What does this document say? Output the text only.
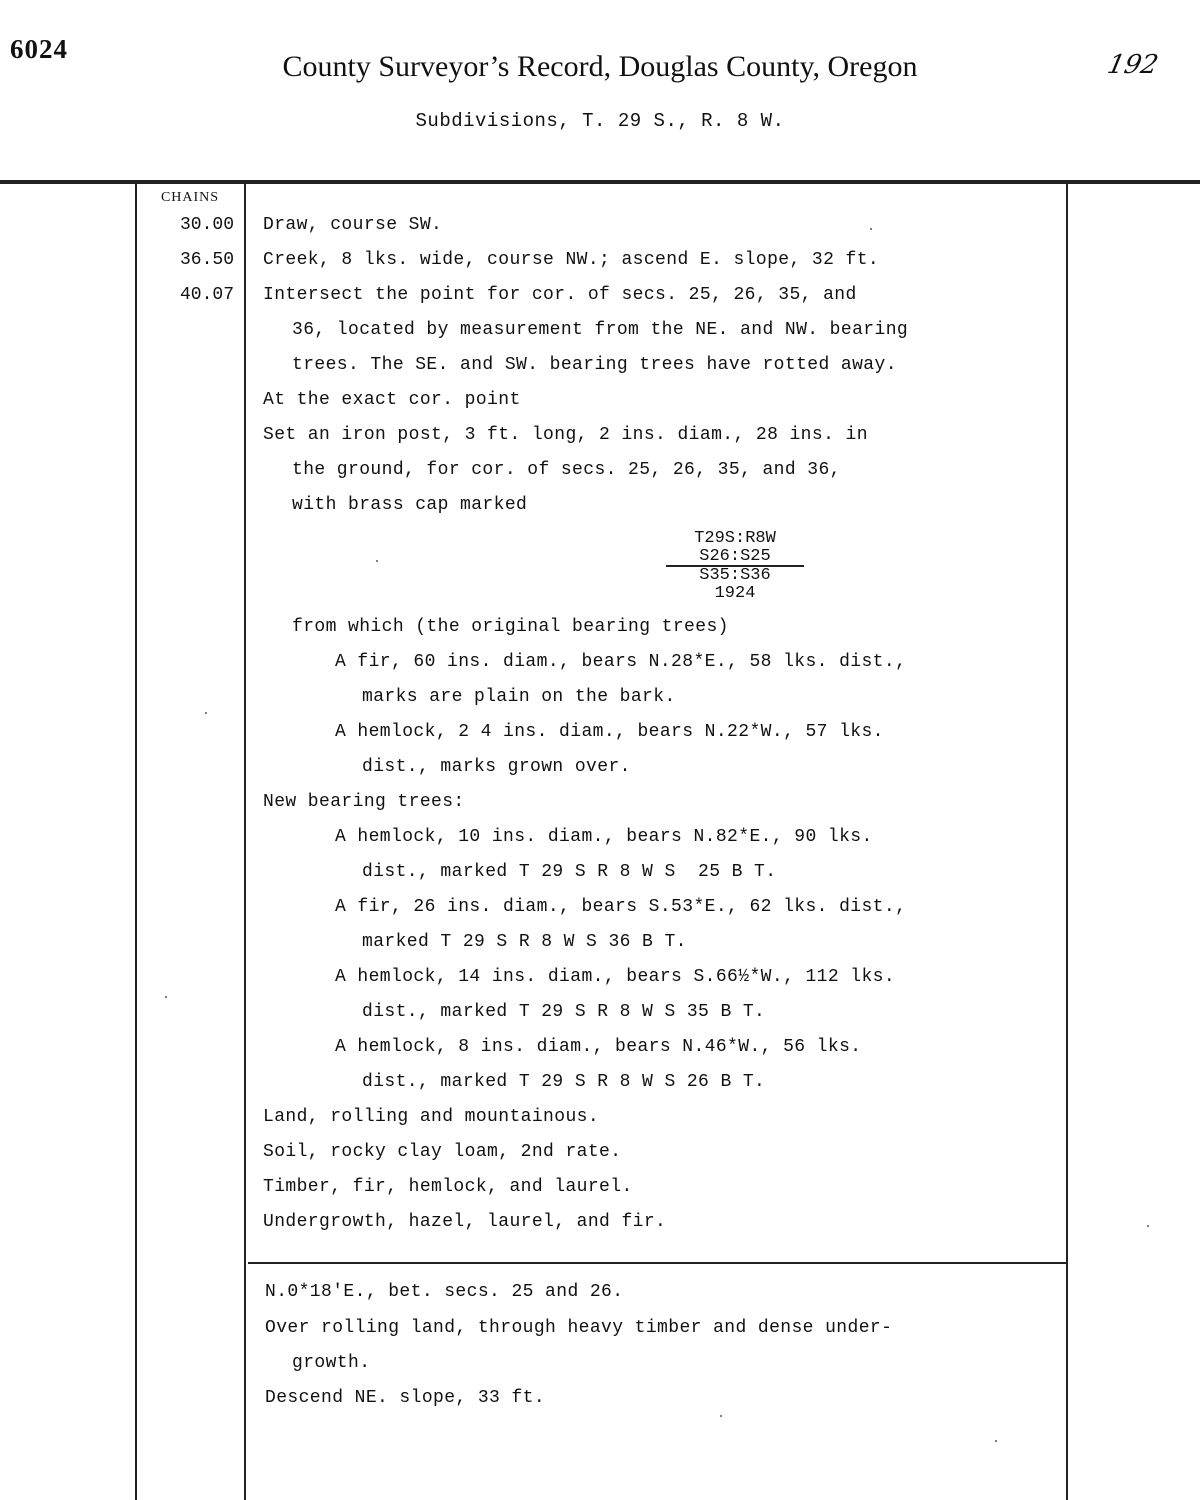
6024
County Surveyor’s Record, Douglas County, Oregon	192
Subdivisions, T. 29 S., R. 8 W.
CHAINS
30.00
36.50
40.07
Draw, course SW.
Creek, 8 lks. wide, course NW.; ascend E. slope, 32 ft.
Intersect the point for cor. of secs. 25, 26, 35, and
36, located by measurement from the NE. and NW. bearing
trees. The SE. and SW. bearing trees have rotted away.
At the exact cor. point
Set an iron post, 3 ft. long, 2 ins. diam., 28 ins. in
the ground, for cor. of secs. 25, 26, 35, and 36,
with brass cap marked
T29S:R8W
S26:S25
S35:S36
1924
from which (the original bearing trees)
A fir, 60 ins. diam., bears N.28*E., 58 lks. dist.,
marks are plain on the bark.
A hemlock, 2 4 ins. diam., bears N.22*W., 57 lks.
dist., marks grown over.
New bearing trees:
A hemlock, 10 ins. diam., bears N.82*E., 90 lks.
dist., marked T 29 S R 8 W S  25 B T.
A fir, 26 ins. diam., bears S.53*E., 62 lks. dist.,
marked T 29 S R 8 W S 36 B T.
A hemlock, 14 ins. diam., bears S.66½*W., 112 lks.
dist., marked T 29 S R 8 W S 35 B T.
A hemlock, 8 ins. diam., bears N.46*W., 56 lks.
dist., marked T 29 S R 8 W S 26 B T.
Land, rolling and mountainous.
Soil, rocky clay loam, 2nd rate.
Timber, fir, hemlock, and laurel.
Undergrowth, hazel, laurel, and fir.
N.0*18'E., bet. secs. 25 and 26.
Over rolling land, through heavy timber and dense under-
growth.
Descend NE. slope, 33 ft.
